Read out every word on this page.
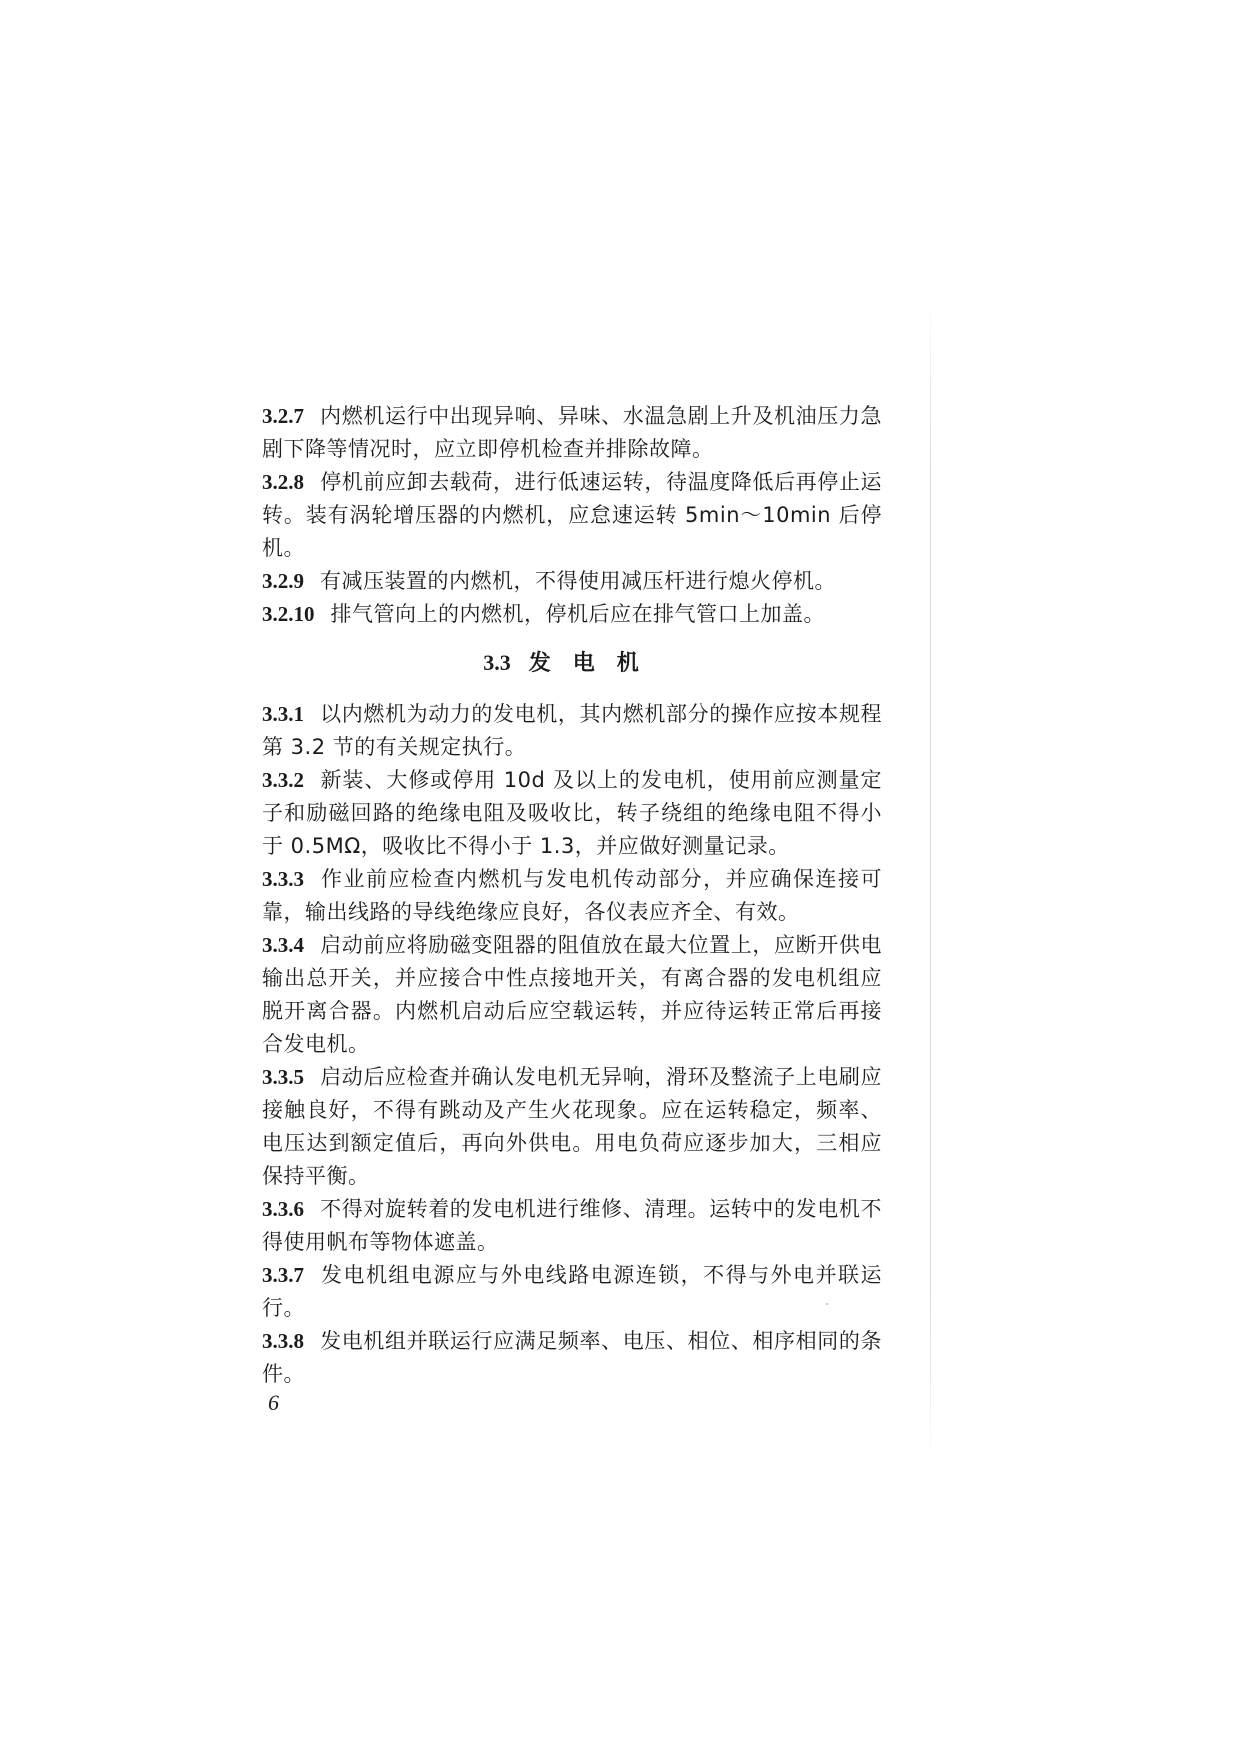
3.2.7 内燃机运行中出现异响、异味、水温急剧上升及机油压力急剧下降等情况时，应立即停机检查并排除故障。

3.2.8 停机前应卸去载荷，进行低速运转，待温度降低后再停止运转。装有涡轮增压器的内燃机，应怠速运转 5min～10min 后停机。

3.2.9 有减压装置的内燃机，不得使用减压杆进行熄火停机。

3.2.10 排气管向上的内燃机，停机后应在排气管口上加盖。

3.3 发电机

3.3.1 以内燃机为动力的发电机，其内燃机部分的操作应按本规程第 3.2 节的有关规定执行。

3.3.2 新装、大修或停用 10d 及以上的发电机，使用前应测量定子和励磁回路的绝缘电阻及吸收比，转子绕组的绝缘电阻不得小于 0.5MΩ，吸收比不得小于 1.3，并应做好测量记录。

3.3.3 作业前应检查内燃机与发电机传动部分，并应确保连接可靠，输出线路的导线绝缘应良好，各仪表应齐全、有效。

3.3.4 启动前应将励磁变阻器的阻值放在最大位置上，应断开供电输出总开关，并应接合中性点接地开关，有离合器的发电机组应脱开离合器。内燃机启动后应空载运转，并应待运转正常后再接合发电机。

3.3.5 启动后应检查并确认发电机无异响，滑环及整流子上电刷应接触良好，不得有跳动及产生火花现象。应在运转稳定，频率、电压达到额定值后，再向外供电。用电负荷应逐步加大，三相应保持平衡。

3.3.6 不得对旋转着的发电机进行维修、清理。运转中的发电机不得使用帆布等物体遮盖。

3.3.7 发电机组电源应与外电线路电源连锁，不得与外电并联运行。

3.3.8 发电机组并联运行应满足频率、电压、相位、相序相同的条件。

6
